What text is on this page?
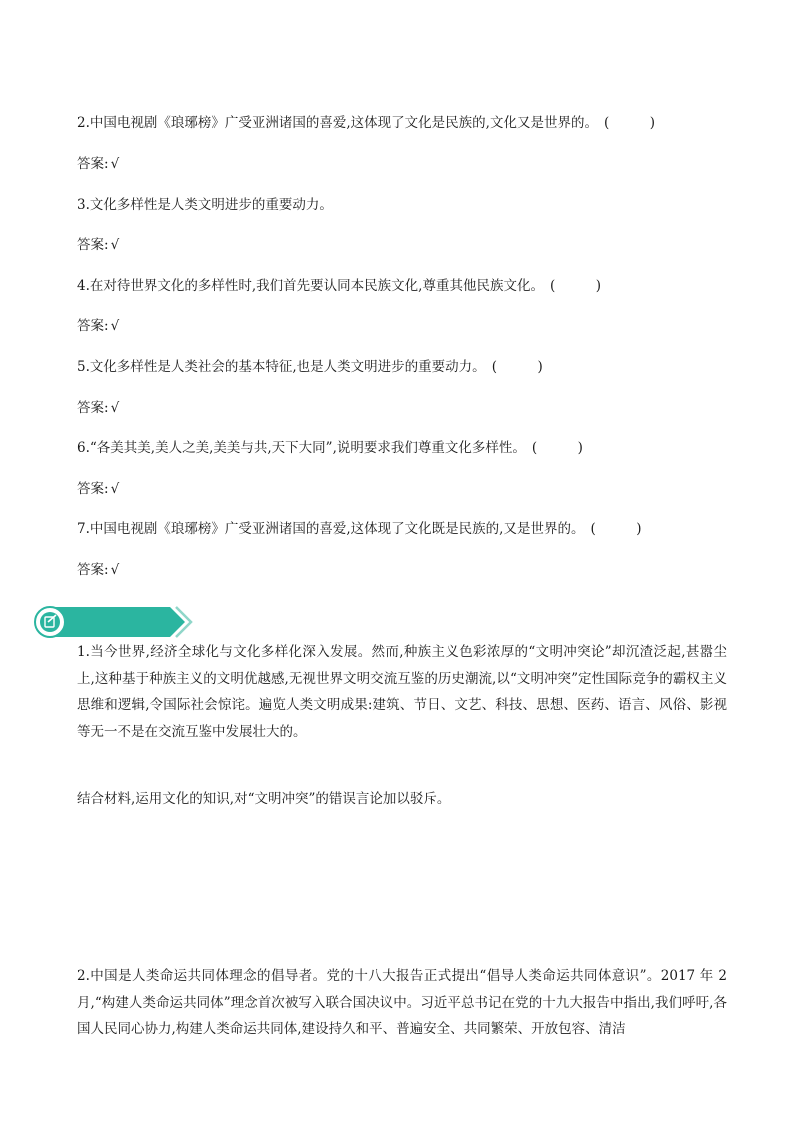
2.中国电视剧《琅琊榜》广受亚洲诸国的喜爱,这体现了文化是民族的,文化又是世界的。 (　　　)
答案: √
3.文化多样性是人类文明进步的重要动力。
答案: √
4.在对待世界文化的多样性时,我们首先要认同本民族文化,尊重其他民族文化。 (　　　)
答案: √
5.文化多样性是人类社会的基本特征,也是人类文明进步的重要动力。 (　　　)
答案: √
6.“各美其美,美人之美,美美与共,天下大同”,说明要求我们尊重文化多样性。 (　　　)
答案: √
7.中国电视剧《琅琊榜》广受亚洲诸国的喜爱,这体现了文化既是民族的,又是世界的。 (　　　)
答案: √
1.当今世界,经济全球化与文化多样化深入发展。然而,种族主义色彩浓厚的“文明冲突论”却沉渣泛起,甚嚣尘上,这种基于种族主义的文明优越感,无视世界文明交流互鉴的历史潮流,以“文明冲突”定性国际竞争的霸权主义思维和逻辑,令国际社会惊诧。遍览人类文明成果:建筑、节日、文艺、科技、思想、医药、语言、风俗、影视等无一不是在交流互鉴中发展壮大的。
结合材料,运用文化的知识,对“文明冲突”的错误言论加以驳斥。
2.中国是人类命运共同体理念的倡导者。党的十八大报告正式提出“倡导人类命运共同体意识”。2017 年 2 月,“构建人类命运共同体”理念首次被写入联合国决议中。习近平总书记在党的十九大报告中指出,我们呼吁,各国人民同心协力,构建人类命运共同体,建设持久和平、普遍安全、共同繁荣、开放包容、清洁
